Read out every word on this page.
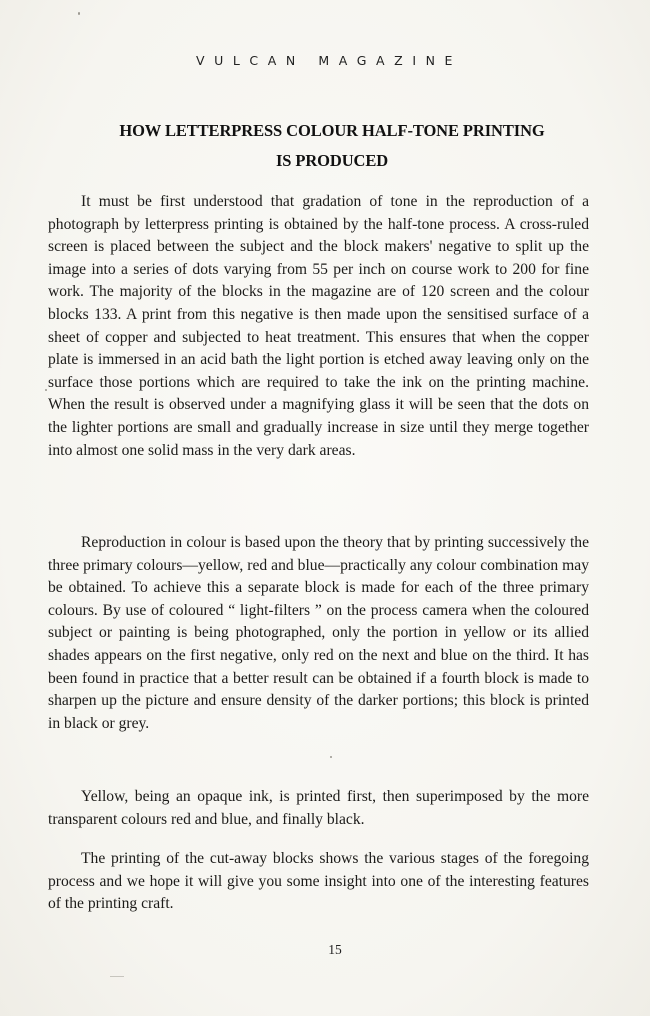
VULCAN MAGAZINE
HOW LETTERPRESS COLOUR HALF-TONE PRINTING
IS PRODUCED

It must be first understood that gradation of tone in the reproduction of a photograph by letterpress printing is obtained by the half-tone process. A cross-ruled screen is placed between the subject and the block makers' negative to split up the image into a series of dots varying from 55 per inch on course work to 200 for fine work. The majority of the blocks in the magazine are of 120 screen and the colour blocks 133. A print from this negative is then made upon the sensitised surface of a sheet of copper and subjected to heat treatment. This ensures that when the copper plate is immersed in an acid bath the light portion is etched away leaving only on the surface those portions which are required to take the ink on the printing machine. When the result is observed under a magnifying glass it will be seen that the dots on the lighter portions are small and gradually increase in size until they merge together into almost one solid mass in the very dark areas.

Reproduction in colour is based upon the theory that by printing successively the three primary colours—yellow, red and blue—practically any colour combination may be obtained. To achieve this a separate block is made for each of the three primary colours. By use of coloured “ light-filters ” on the process camera when the coloured subject or painting is being photographed, only the portion in yellow or its allied shades appears on the first negative, only red on the next and blue on the third. It has been found in practice that a better result can be obtained if a fourth block is made to sharpen up the picture and ensure density of the darker portions; this block is printed in black or grey.

Yellow, being an opaque ink, is printed first, then superimposed by the more transparent colours red and blue, and finally black.

The printing of the cut-away blocks shows the various stages of the foregoing process and we hope it will give you some insight into one of the interesting features of the printing craft.

15
